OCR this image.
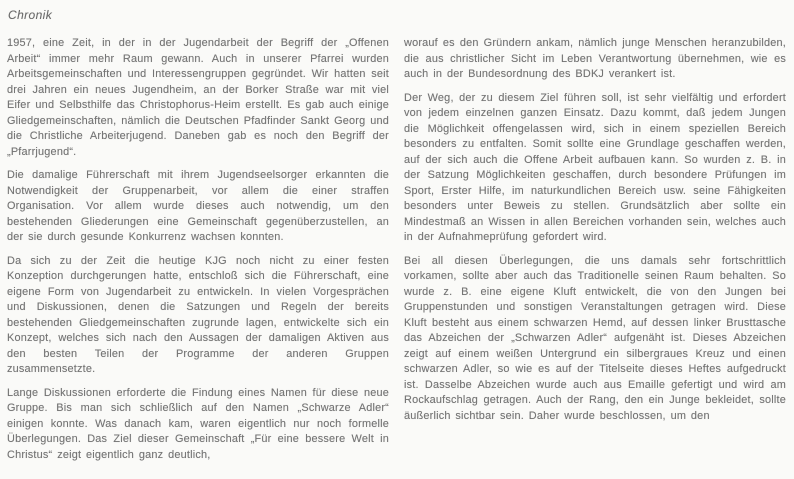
Chronik

1957, eine Zeit, in der in der Jugendarbeit der Begriff der „Offenen Arbeit“ immer mehr Raum gewann. Auch in unserer Pfarrei wurden Arbeitsgemeinschaften und Interessengruppen gegründet. Wir hatten seit drei Jahren ein neues Jugendheim, an der Borker Straße war mit viel Eifer und Selbsthilfe das Christophorus-Heim erstellt. Es gab auch einige Gliedgemeinschaften, nämlich die Deutschen Pfadfinder Sankt Georg und die Christliche Arbeiterjugend. Daneben gab es noch den Begriff der „Pfarrjugend“.

Die damalige Führerschaft mit ihrem Jugendseelsorger erkannten die Notwendigkeit der Gruppenarbeit, vor allem die einer straffen Organisation. Vor allem wurde dieses auch notwendig, um den bestehenden Gliederungen eine Gemeinschaft gegenüberzustellen, an der sie durch gesunde Konkurrenz wachsen konnten.

Da sich zu der Zeit die heutige KJG noch nicht zu einer festen Konzeption durchgerungen hatte, entschloß sich die Führerschaft, eine eigene Form von Jugendarbeit zu entwickeln. In vielen Vorgesprächen und Diskussionen, denen die Satzungen und Regeln der bereits bestehenden Gliedgemeinschaften zugrunde lagen, entwickelte sich ein Konzept, welches sich nach den Aussagen der damaligen Aktiven aus den besten Teilen der Programme der anderen Gruppen zusammensetzte.

Lange Diskussionen erforderte die Findung eines Namen für diese neue Gruppe. Bis man sich schließlich auf den Namen „Schwarze Adler“ einigen konnte. Was danach kam, waren eigentlich nur noch formelle Überlegungen. Das Ziel dieser Gemeinschaft „Für eine bessere Welt in Christus“ zeigt eigentlich ganz deutlich,

worauf es den Gründern ankam, nämlich junge Menschen heranzubilden, die aus christlicher Sicht im Leben Verantwortung übernehmen, wie es auch in der Bundesordnung des BDKJ verankert ist.

Der Weg, der zu diesem Ziel führen soll, ist sehr vielfältig und erfordert von jedem einzelnen ganzen Einsatz. Dazu kommt, daß jedem Jungen die Möglichkeit offengelassen wird, sich in einem speziellen Bereich besonders zu entfalten. Somit sollte eine Grundlage geschaffen werden, auf der sich auch die Offene Arbeit aufbauen kann. So wurden z. B. in der Satzung Möglichkeiten geschaffen, durch besondere Prüfungen im Sport, Erster Hilfe, im naturkundlichen Bereich usw. seine Fähigkeiten besonders unter Beweis zu stellen. Grundsätzlich aber sollte ein Mindestmaß an Wissen in allen Bereichen vorhanden sein, welches auch in der Aufnahmeprüfung gefordert wird.

Bei all diesen Überlegungen, die uns damals sehr fortschrittlich vorkamen, sollte aber auch das Traditionelle seinen Raum behalten. So wurde z. B. eine eigene Kluft entwickelt, die von den Jungen bei Gruppenstunden und sonstigen Veranstaltungen getragen wird. Diese Kluft besteht aus einem schwarzen Hemd, auf dessen linker Brusttasche das Abzeichen der „Schwarzen Adler“ aufgenäht ist. Dieses Abzeichen zeigt auf einem weißen Untergrund ein silbergraues Kreuz und einen schwarzen Adler, so wie es auf der Titelseite dieses Heftes aufgedruckt ist. Dasselbe Abzeichen wurde auch aus Emaille gefertigt und wird am Rockaufschlag getragen. Auch der Rang, den ein Junge bekleidet, sollte äußerlich sichtbar sein. Daher wurde beschlossen, um den
